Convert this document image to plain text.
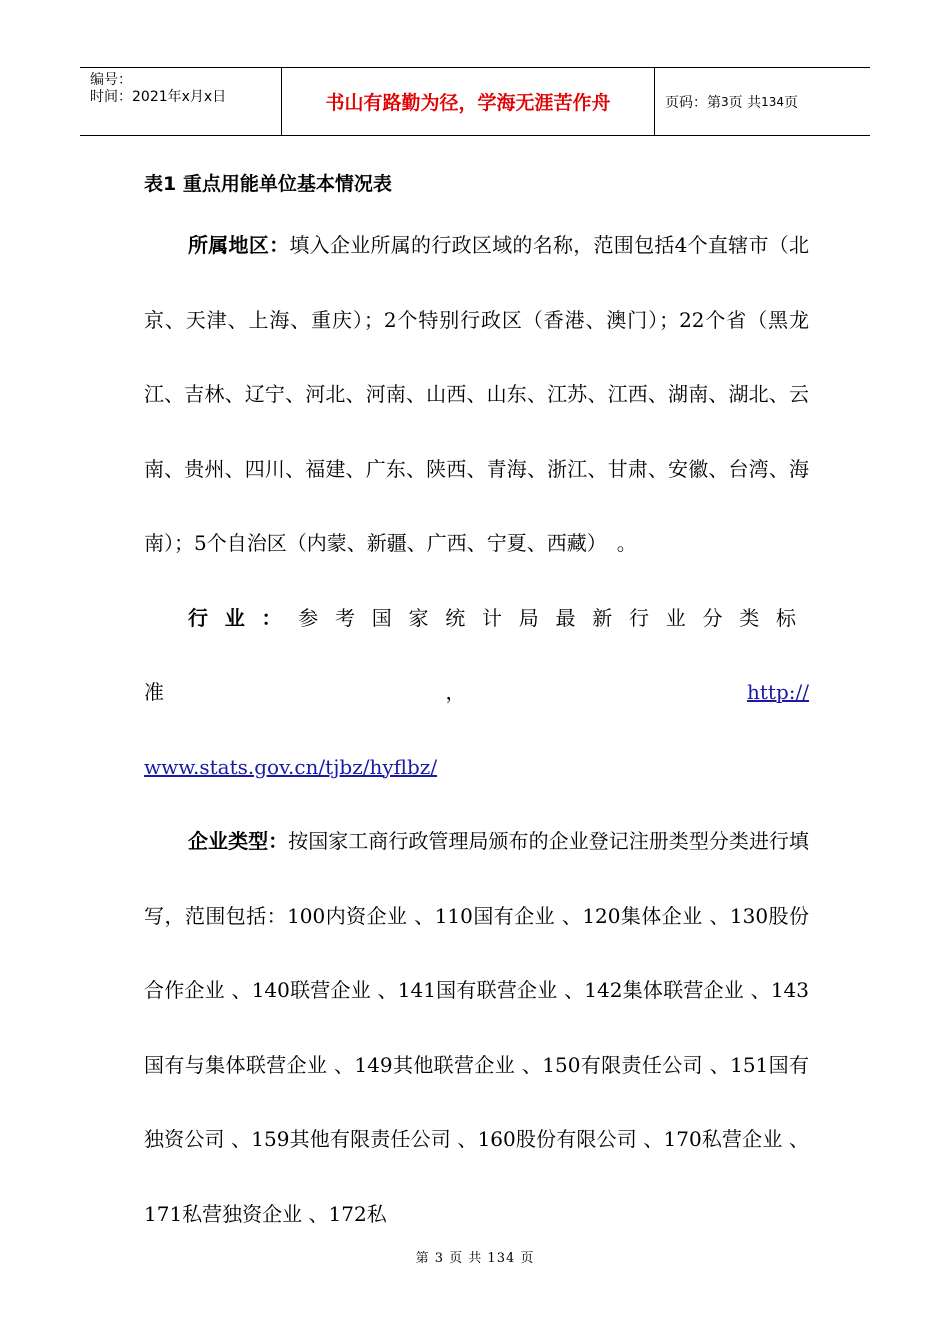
编号：
时间：2021年x月x日	书山有路勤为径，学海无涯苦作舟	页码：第 3 页 共 134 页

表1 重点用能单位基本情况表

所属地区：填入企业所属的行政区域的名称，范围包括4个直辖市（北京、天津、上海、重庆）；2个特别行政区（香港、澳门）；22个省（黑龙江、吉林、辽宁、河北、河南、山西、山东、江苏、江西、湖南、湖北、云南、贵州、四川、福建、广东、陕西、青海、浙江、甘肃、安徽、台湾、海南）；5个自治区（内蒙、新疆、广西、宁夏、西藏）　。

行业：参考国家统计局最新行业分类标准，http://

www.stats.gov.cn/tjbz/hyflbz/

企业类型：按国家工商行政管理局颁布的企业登记注册类型分类进行填写，范围包括：100内资企业 、110国有企业 、120集体企业 、130股份合作企业 、140联营企业 、141国有联营企业 、142集体联营企业 、143国有与集体联营企业 、149其他联营企业 、150有限责任公司 、151国有独资公司 、159其他有限责任公司 、160股份有限公司 、170私营企业 、171私营独资企业 、172私

第 3 页 共 134 页
